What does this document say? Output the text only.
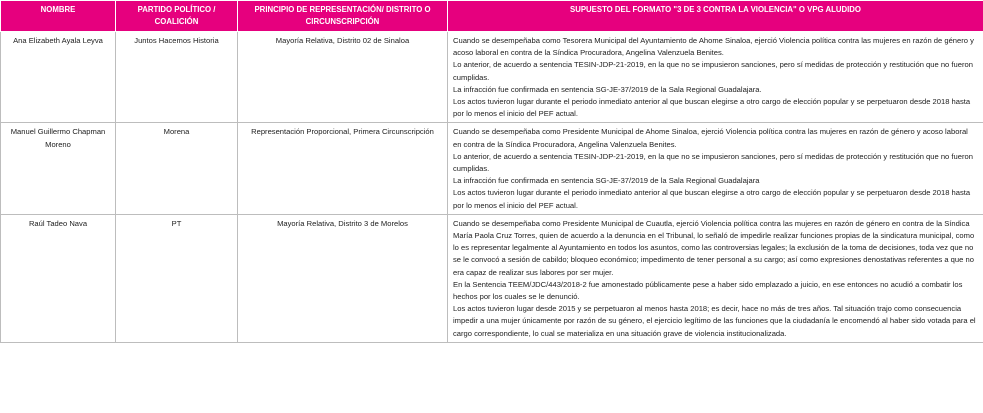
NOMBRE	PARTIDO POLÍTICO / COALICIÓN	PRINCIPIO DE REPRESENTACIÓN/ DISTRITO O CIRCUNSCRIPCIÓN	SUPUESTO DEL FORMATO "3 DE 3 CONTRA LA VIOLENCIA" O VPG ALUDIDO
Ana Elizabeth Ayala Leyva	Juntos Hacemos Historia	Mayoría Relativa, Distrito 02 de Sinaloa	Cuando se desempeñaba como Tesorera Municipal del Ayuntamiento de Ahome Sinaloa, ejerció Violencia política contra las mujeres en razón de género y acoso laboral en contra de la Síndica Procuradora, Angelina Valenzuela Benites.

Lo anterior, de acuerdo a sentencia TESIN-JDP-21-2019, en la que no se impusieron sanciones, pero sí medidas de protección y restitución que no fueron cumplidas.

La infracción fue confirmada en sentencia SG-JE-37/2019 de la Sala Regional Guadalajara.

Los actos tuvieron lugar durante el periodo inmediato anterior al que buscan elegirse a otro cargo de elección popular y se perpetuaron desde 2018 hasta por lo menos el inicio del PEF actual.

Manuel Guillermo Chapman Moreno	Morena	Representación Proporcional, Primera Circunscripción	Cuando se desempeñaba como Presidente Municipal de Ahome Sinaloa, ejerció Violencia política contra las mujeres en razón de género y acoso laboral en contra de la Síndica Procuradora, Angelina Valenzuela Benites.

Lo anterior, de acuerdo a sentencia TESIN-JDP-21-2019, en la que no se impusieron sanciones, pero sí medidas de protección y restitución que no fueron cumplidas.

La infracción fue confirmada en sentencia SG-JE-37/2019 de la Sala Regional Guadalajara

Los actos tuvieron lugar durante el periodo inmediato anterior al que buscan elegirse a otro cargo de elección popular y se perpetuaron desde 2018 hasta por lo menos el inicio del PEF actual.

Raúl Tadeo Nava	PT	Mayoría Relativa, Distrito 3 de Morelos	Cuando se desempeñaba como Presidente Municipal de Cuautla, ejerció Violencia política contra las mujeres en razón de género en contra de la Síndica María Paola Cruz Torres, quien de acuerdo a la denuncia en el Tribunal, lo señaló de impedirle realizar funciones propias de la sindicatura municipal, como lo es representar legalmente al Ayuntamiento en todos los asuntos, como las controversias legales; la exclusión de la toma de decisiones, toda vez que no se le convocó a sesión de cabildo; bloqueo económico; impedimento de tener personal a su cargo; así como expresiones denostativas referentes a que no era capaz de realizar sus labores por ser mujer.

En la Sentencia TEEM/JDC/443/2018-2 fue amonestado públicamente pese a haber sido emplazado a juicio, en ese entonces no acudió a combatir los hechos por los cuales se le denunció.

Los actos tuvieron lugar desde 2015 y se perpetuaron al menos hasta 2018; es decir, hace no más de tres años. Tal situación trajo como consecuencia impedir a una mujer únicamente por razón de su género, el ejercicio legítimo de las funciones que la ciudadanía le encomendó al haber sido votada para el cargo correspondiente, lo cual se materializa en una situación grave de violencia institucionalizada.
